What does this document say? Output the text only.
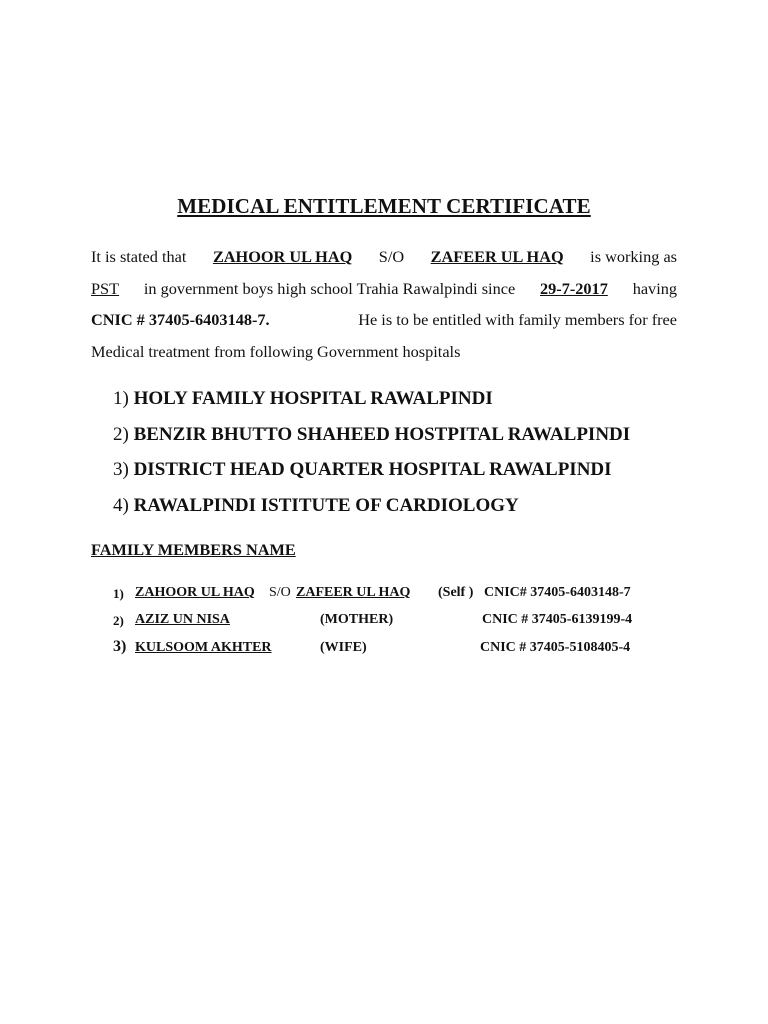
MEDICAL ENTITLEMENT CERTIFICATE
It is stated that ZAHOOR UL HAQ S/O ZAFEER UL HAQ is working as
PST in government boys high school Trahia Rawalpindi since 29-7-2017 having
CNIC # 37405-6403148-7.	He is to be entitled with family members for free
Medical treatment from following Government hospitals
1) HOLY FAMILY HOSPITAL RAWALPINDI
2) BENZIR BHUTTO SHAHEED HOSTPITAL RAWALPINDI
3) DISTRICT HEAD QUARTER HOSPITAL RAWALPINDI
4) RAWALPINDI ISTITUTE OF CARDIOLOGY
FAMILY MEMBERS NAME
1) ZAHOOR UL HAQ S/O ZAFEER UL HAQ (Self ) CNIC# 37405-6403148-7
2) AZIZ UN NISA	(MOTHER)	CNIC # 37405-6139199-4
3) KULSOOM AKHTER	(WIFE)	CNIC # 37405-5108405-4
